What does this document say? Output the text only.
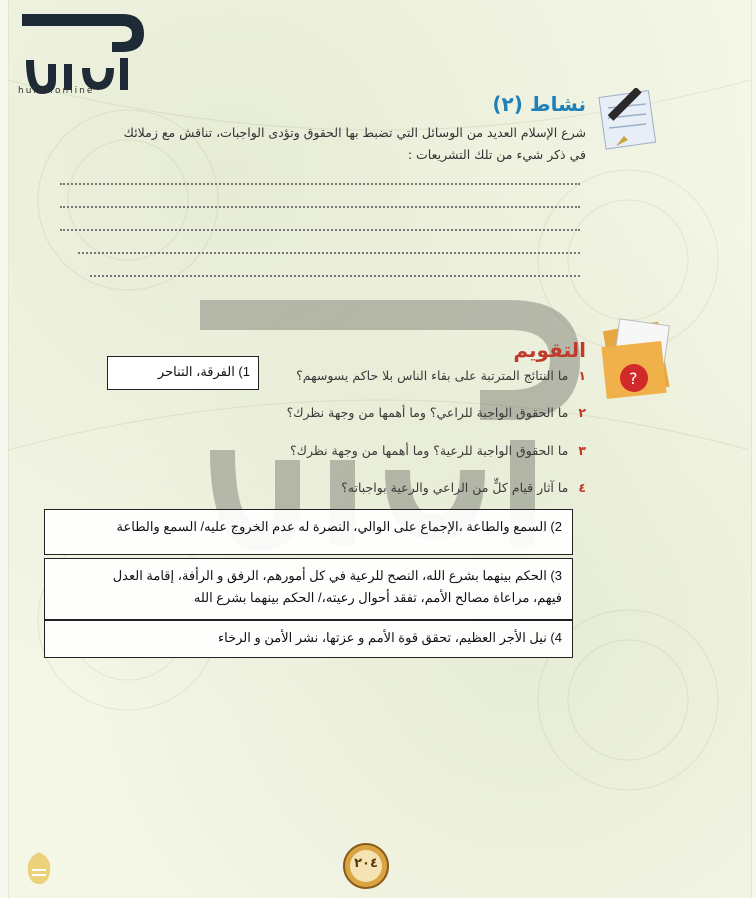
hulul.online
نشاط (٢)
شرع الإسلام العديد من الوسائل التي تضبط بها الحقوق وتؤدى الواجبات، تناقش مع زملائك
في ذكر شيء من تلك التشريعات :
?
التقويم
١ ما النتائج المترتبة على بقاء الناس بلا حاكم يسوسهم؟
٢ ما الحقوق الواجبة للراعي؟ وما أهمها من وجهة نظرك؟
٣ ما الحقوق الواجبة للرعية؟ وما أهمها من وجهة نظرك؟
٤ ما آثار قيام كلٍّ من الراعي والرعية بواجباته؟
1) الفرقة، التناحر
2) السمع والطاعة ،الإجماع على الوالي، النصرة له عدم الخروج عليه/ السمع والطاعة
3) الحكم بينهما بشرع الله، النصح للرعية في كل أمورهم، الرفق و الرأفة، إقامة العدل
فيهم، مراعاة مصالح الأمم، تفقد أحوال رعيته،/ الحكم بينهما بشرع الله
4) نيل الأجر العظيم، تحقق قوة الأمم و عزتها، نشر الأمن و الرخاء
٢٠٤
